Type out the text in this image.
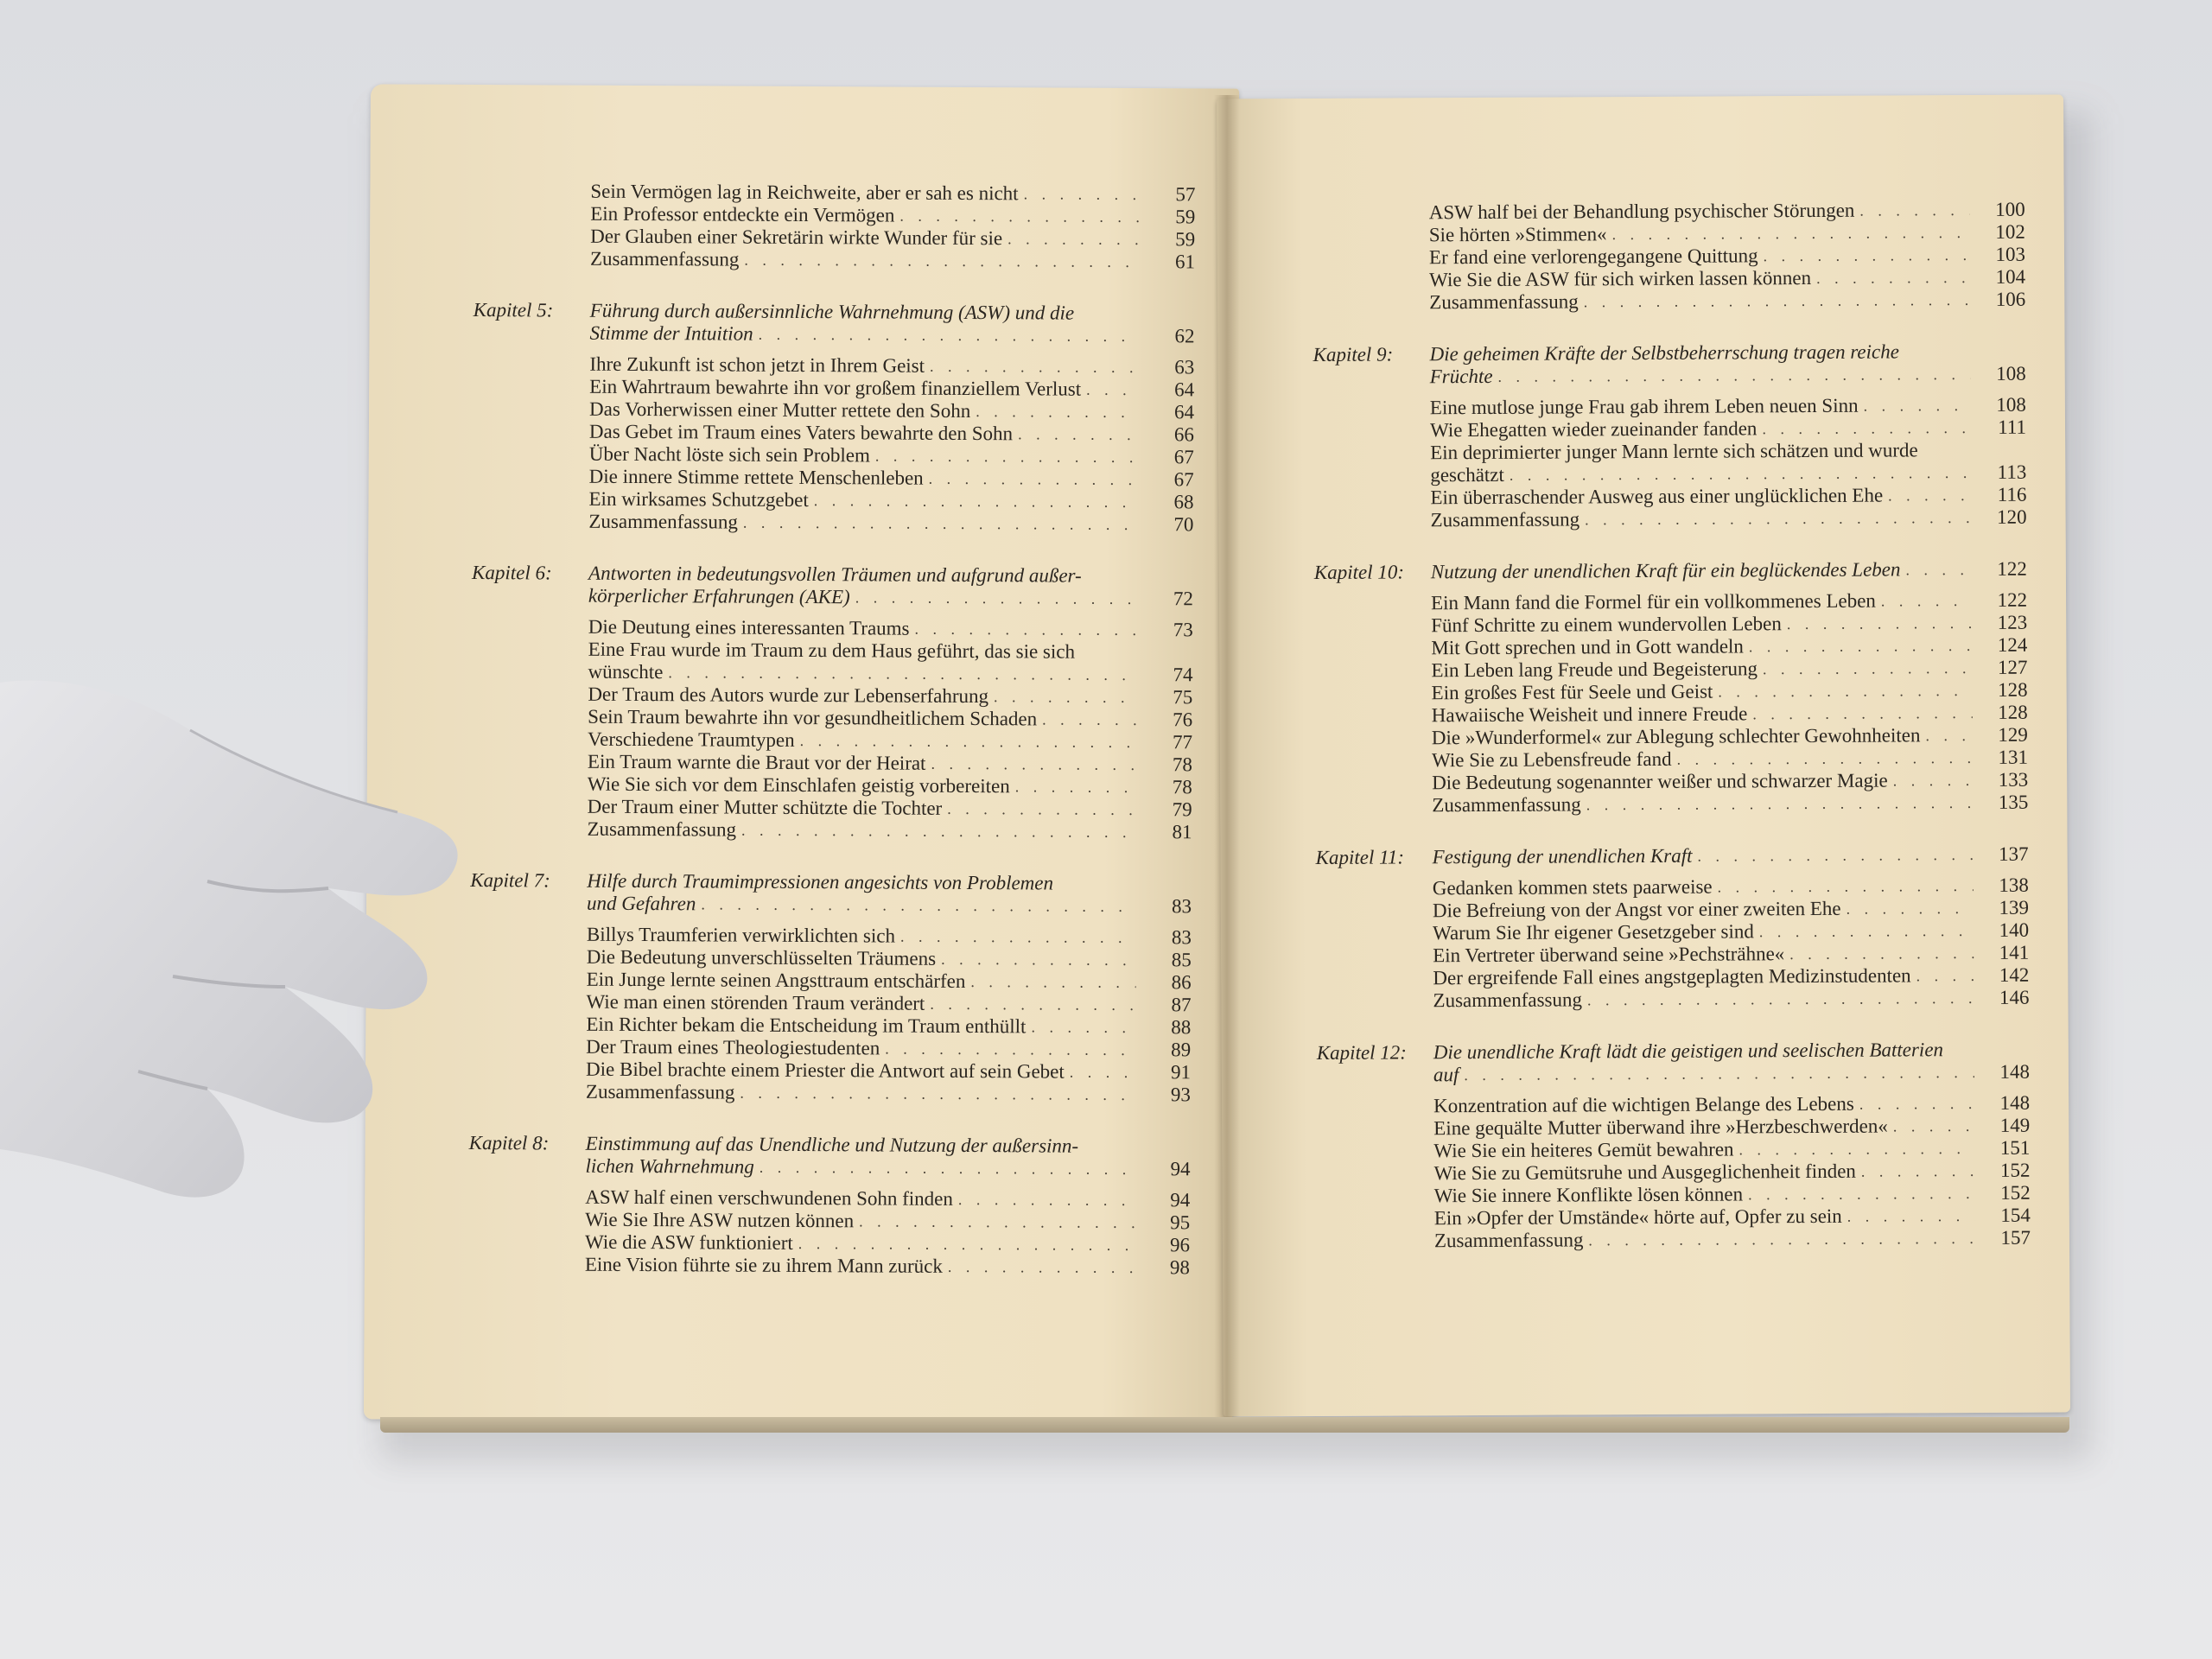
Sein Vermögen lag in Reichweite, aber er sah es nicht . . .	57
Ein Professor entdeckte ein Vermögen . . .	59
Der Glauben einer Sekretärin wirkte Wunder für sie . . .	59
Zusammenfassung . . .	61
Kapitel 5: Führung durch außersinnliche Wahrnehmung (ASW) und die
Stimme der Intuition . . .	62
Ihre Zukunft ist schon jetzt in Ihrem Geist . . .	63
Ein Wahrtraum bewahrte ihn vor großem finanziellem Verlust . . .	64
Das Vorherwissen einer Mutter rettete den Sohn . . .	64
Das Gebet im Traum eines Vaters bewahrte den Sohn . . .	66
Über Nacht löste sich sein Problem . . .	67
Die innere Stimme rettete Menschenleben . . .	67
Ein wirksames Schutzgebet . . .	68
Zusammenfassung . . .	70
Kapitel 6: Antworten in bedeutungsvollen Träumen und aufgrund außer-
körperlicher Erfahrungen (AKE) . . .	72
Die Deutung eines interessanten Traums . . .	73
Eine Frau wurde im Traum zu dem Haus geführt, das sie sich
wünschte . . .	74
Der Traum des Autors wurde zur Lebenserfahrung . . .	75
Sein Traum bewahrte ihn vor gesundheitlichem Schaden . . .	76
Verschiedene Traumtypen . . .	77
Ein Traum warnte die Braut vor der Heirat . . .	78
Wie Sie sich vor dem Einschlafen geistig vorbereiten . . .	78
Der Traum einer Mutter schützte die Tochter . . .	79
Zusammenfassung . . .	81
Kapitel 7: Hilfe durch Traumimpressionen angesichts von Problemen
und Gefahren . . .	83
Billys Traumferien verwirklichten sich . . .	83
Die Bedeutung unverschlüsselten Träumens . . .	85
Ein Junge lernte seinen Angsttraum entschärfen . . .	86
Wie man einen störenden Traum verändert . . .	87
Ein Richter bekam die Entscheidung im Traum enthüllt . . .	88
Der Traum eines Theologiestudenten . . .	89
Die Bibel brachte einem Priester die Antwort auf sein Gebet . . .	91
Zusammenfassung . . .	93
Kapitel 8: Einstimmung auf das Unendliche und Nutzung der außersinn-
lichen Wahrnehmung . . .	94
ASW half einen verschwundenen Sohn finden . . .	94
Wie Sie Ihre ASW nutzen können . . .	95
Wie die ASW funktioniert . . .	96
Eine Vision führte sie zu ihrem Mann zurück . . .	98
ASW half bei der Behandlung psychischer Störungen . . .	100
Sie hörten »Stimmen« . . .	102
Er fand eine verlorengegangene Quittung . . .	103
Wie Sie die ASW für sich wirken lassen können . . .	104
Zusammenfassung . . .	106
Kapitel 9: Die geheimen Kräfte der Selbstbeherrschung tragen reiche
Früchte . . .	108
Eine mutlose junge Frau gab ihrem Leben neuen Sinn . . .	108
Wie Ehegatten wieder zueinander fanden . . .	111
Ein deprimierter junger Mann lernte sich schätzen und wurde
geschätzt . . .	113
Ein überraschender Ausweg aus einer unglücklichen Ehe . . .	116
Zusammenfassung . . .	120
Kapitel 10: Nutzung der unendlichen Kraft für ein beglückendes Leben . . .	122
Ein Mann fand die Formel für ein vollkommenes Leben . . .	122
Fünf Schritte zu einem wundervollen Leben . . .	123
Mit Gott sprechen und in Gott wandeln . . .	124
Ein Leben lang Freude und Begeisterung . . .	127
Ein großes Fest für Seele und Geist . . .	128
Hawaiische Weisheit und innere Freude . . .	128
Die »Wunderformel« zur Ablegung schlechter Gewohnheiten . . .	129
Wie Sie zu Lebensfreude fand . . .	131
Die Bedeutung sogenannter weißer und schwarzer Magie . . .	133
Zusammenfassung . . .	135
Kapitel 11: Festigung der unendlichen Kraft . . .	137
Gedanken kommen stets paarweise . . .	138
Die Befreiung von der Angst vor einer zweiten Ehe . . .	139
Warum Sie Ihr eigener Gesetzgeber sind . . .	140
Ein Vertreter überwand seine »Pechsträhne« . . .	141
Der ergreifende Fall eines angstgeplagten Medizinstudenten . . .	142
Zusammenfassung . . .	146
Kapitel 12: Die unendliche Kraft lädt die geistigen und seelischen Batterien
auf . . .	148
Konzentration auf die wichtigen Belange des Lebens . . .	148
Eine gequälte Mutter überwand ihre »Herzbeschwerden« . . .	149
Wie Sie ein heiteres Gemüt bewahren . . .	151
Wie Sie zu Gemütsruhe und Ausgeglichenheit finden . . .	152
Wie Sie innere Konflikte lösen können . . .	152
Ein »Opfer der Umstände« hörte auf, Opfer zu sein . . .	154
Zusammenfassung . . .	157
